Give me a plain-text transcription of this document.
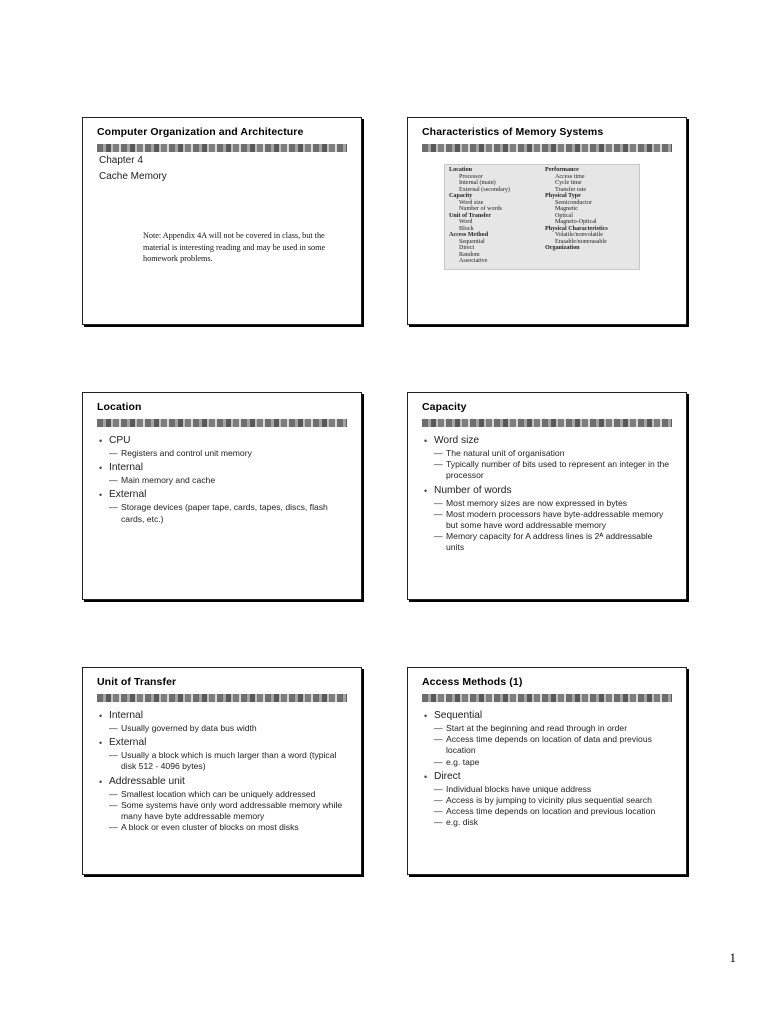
Computer Organization and Architecture
Chapter 4
Cache Memory
Note: Appendix 4A will not be covered in class, but the material is interesting reading and may be used in some homework problems.
Characteristics of Memory Systems
Location
Processor
Internal (main)
External (secondary)
Capacity
Word size
Number of words
Unit of Transfer
Word
Block
Access Method
Sequential
Direct
Random
Associative
Performance
Access time
Cycle time
Transfer rate
Physical Type
Semiconductor
Magnetic
Optical
Magneto-Optical
Physical Characteristics
Volatile/nonvolatile
Erasable/nonerasable
Organization
Location
• CPU
— Registers and control unit memory
• Internal
— Main memory and cache
• External
— Storage devices (paper tape, cards, tapes, discs, flash cards, etc.)
Capacity
• Word size
— The natural unit of organisation
— Typically number of bits used to represent an integer in the processor
• Number of words
— Most memory sizes are now expressed in bytes
— Most modern processors have byte-addressable memory but some have word addressable memory
— Memory capacity for A address lines is 2ᴬ addressable units
Unit of Transfer
• Internal
— Usually governed by data bus width
• External
— Usually a block which is much larger than a word (typical disk 512 - 4096 bytes)
• Addressable unit
— Smallest location which can be uniquely addressed
— Some systems have only word addressable memory while many have byte addressable memory
— A block or even cluster of blocks on most disks
Access Methods (1)
• Sequential
— Start at the beginning and read through in order
— Access time depends on location of data and previous location
— e.g. tape
• Direct
— Individual blocks have unique address
— Access is by jumping to vicinity plus sequential search
— Access time depends on location and previous location
— e.g. disk
1
